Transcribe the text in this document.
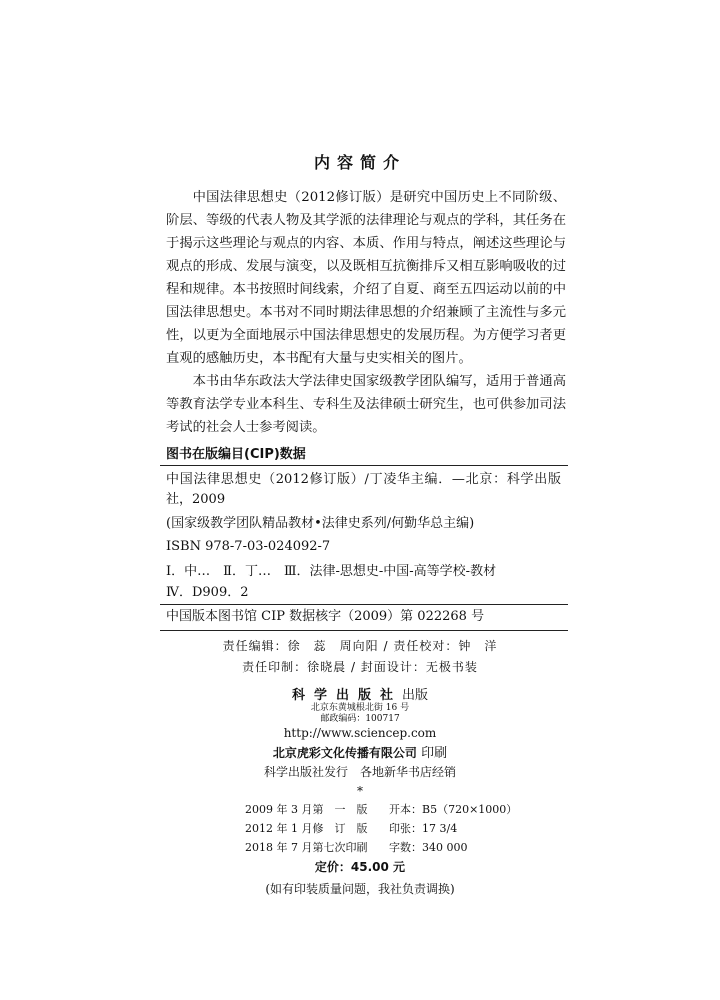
内容简介

中国法律思想史（2012修订版）是研究中国历史上不同阶级、阶层、等级的代表人物及其学派的法律理论与观点的学科，其任务在于揭示这些理论与观点的内容、本质、作用与特点，阐述这些理论与观点的形成、发展与演变，以及既相互抗衡排斥又相互影响吸收的过程和规律。本书按照时间线索，介绍了自夏、商至五四运动以前的中国法律思想史。本书对不同时期法律思想的介绍兼顾了主流性与多元性，以更为全面地展示中国法律思想史的发展历程。为方便学习者更直观的感触历史，本书配有大量与史实相关的图片。

本书由华东政法大学法律史国家级教学团队编写，适用于普通高等教育法学专业本科生、专科生及法律硕士研究生，也可供参加司法考试的社会人士参考阅读。

图书在版编目(CIP)数据
中国法律思想史（2012修订版）/丁凌华主编．—北京：科学出版社，2009
(国家级教学团队精品教材•法律史系列/何勤华总主编)
ISBN 978-7-03-024092-7
Ⅰ．中…　Ⅱ．丁…　Ⅲ．法律-思想史-中国-高等学校-教材
Ⅳ．D909．2
中国版本图书馆 CIP 数据核字（2009）第 022268 号
责任编辑：徐　蕊　周向阳 / 责任校对：钟　洋
责任印制：徐晓晨 / 封面设计：无极书装
科学出版社出版
北京东黄城根北街 16 号
邮政编码：100717
http://www.sciencep.com
北京虎彩文化传播有限公司 印刷
科学出版社发行　各地新华书店经销
*
2009 年 3 月第　一　版 开本：B5（720×1000）
2012 年 1 月修　订　版 印张：17 3/4
2018 年 7 月第七次印刷 字数：340 000
定价：45.00 元
(如有印装质量问题，我社负责调换)
